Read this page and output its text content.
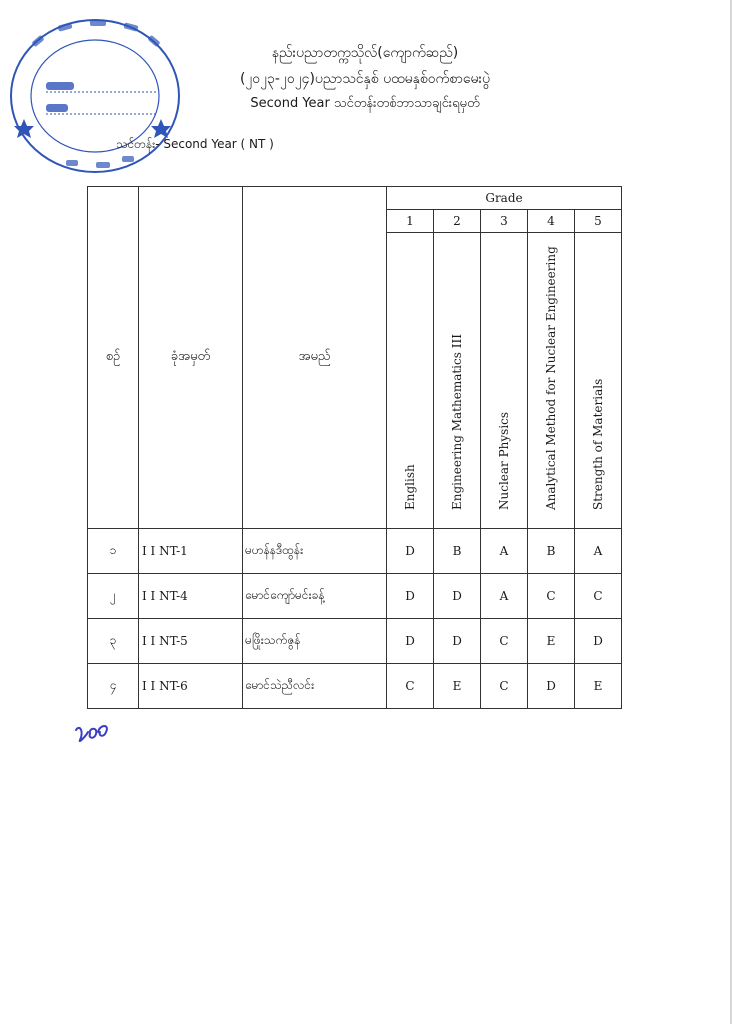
နည်းပညာတက္ကသိုလ်(ကျောက်ဆည်)
(၂၀၂၃-၂၀၂၄)ပညာသင်နှစ် ပထမနှစ်ဝက်စာမေးပွဲ
Second Year သင်တန်းတစ်ဘာသာချင်းရမှတ်
သင်တန်း- Second Year ( NT )
စဉ်	ခုံအမှတ်	အမည်	Grade				
			1	2	3	4	5

			English	Engineering Mathematics III	Nuclear Physics	Analytical Method for Nuclear Engineering	Strength of Materials

၁	I I NT-1	မဟန်နဒီထွန်း	D	B	A	B	A
၂	I I NT-4	မောင်ကျော်မင်းခန့်	D	D	A	C	C
၃	I I NT-5	မဖြိုးသက်ဇွန်	D	D	C	E	D
၄	I I NT-6	မောင်သဲညီလင်း	C	E	C	D	E
